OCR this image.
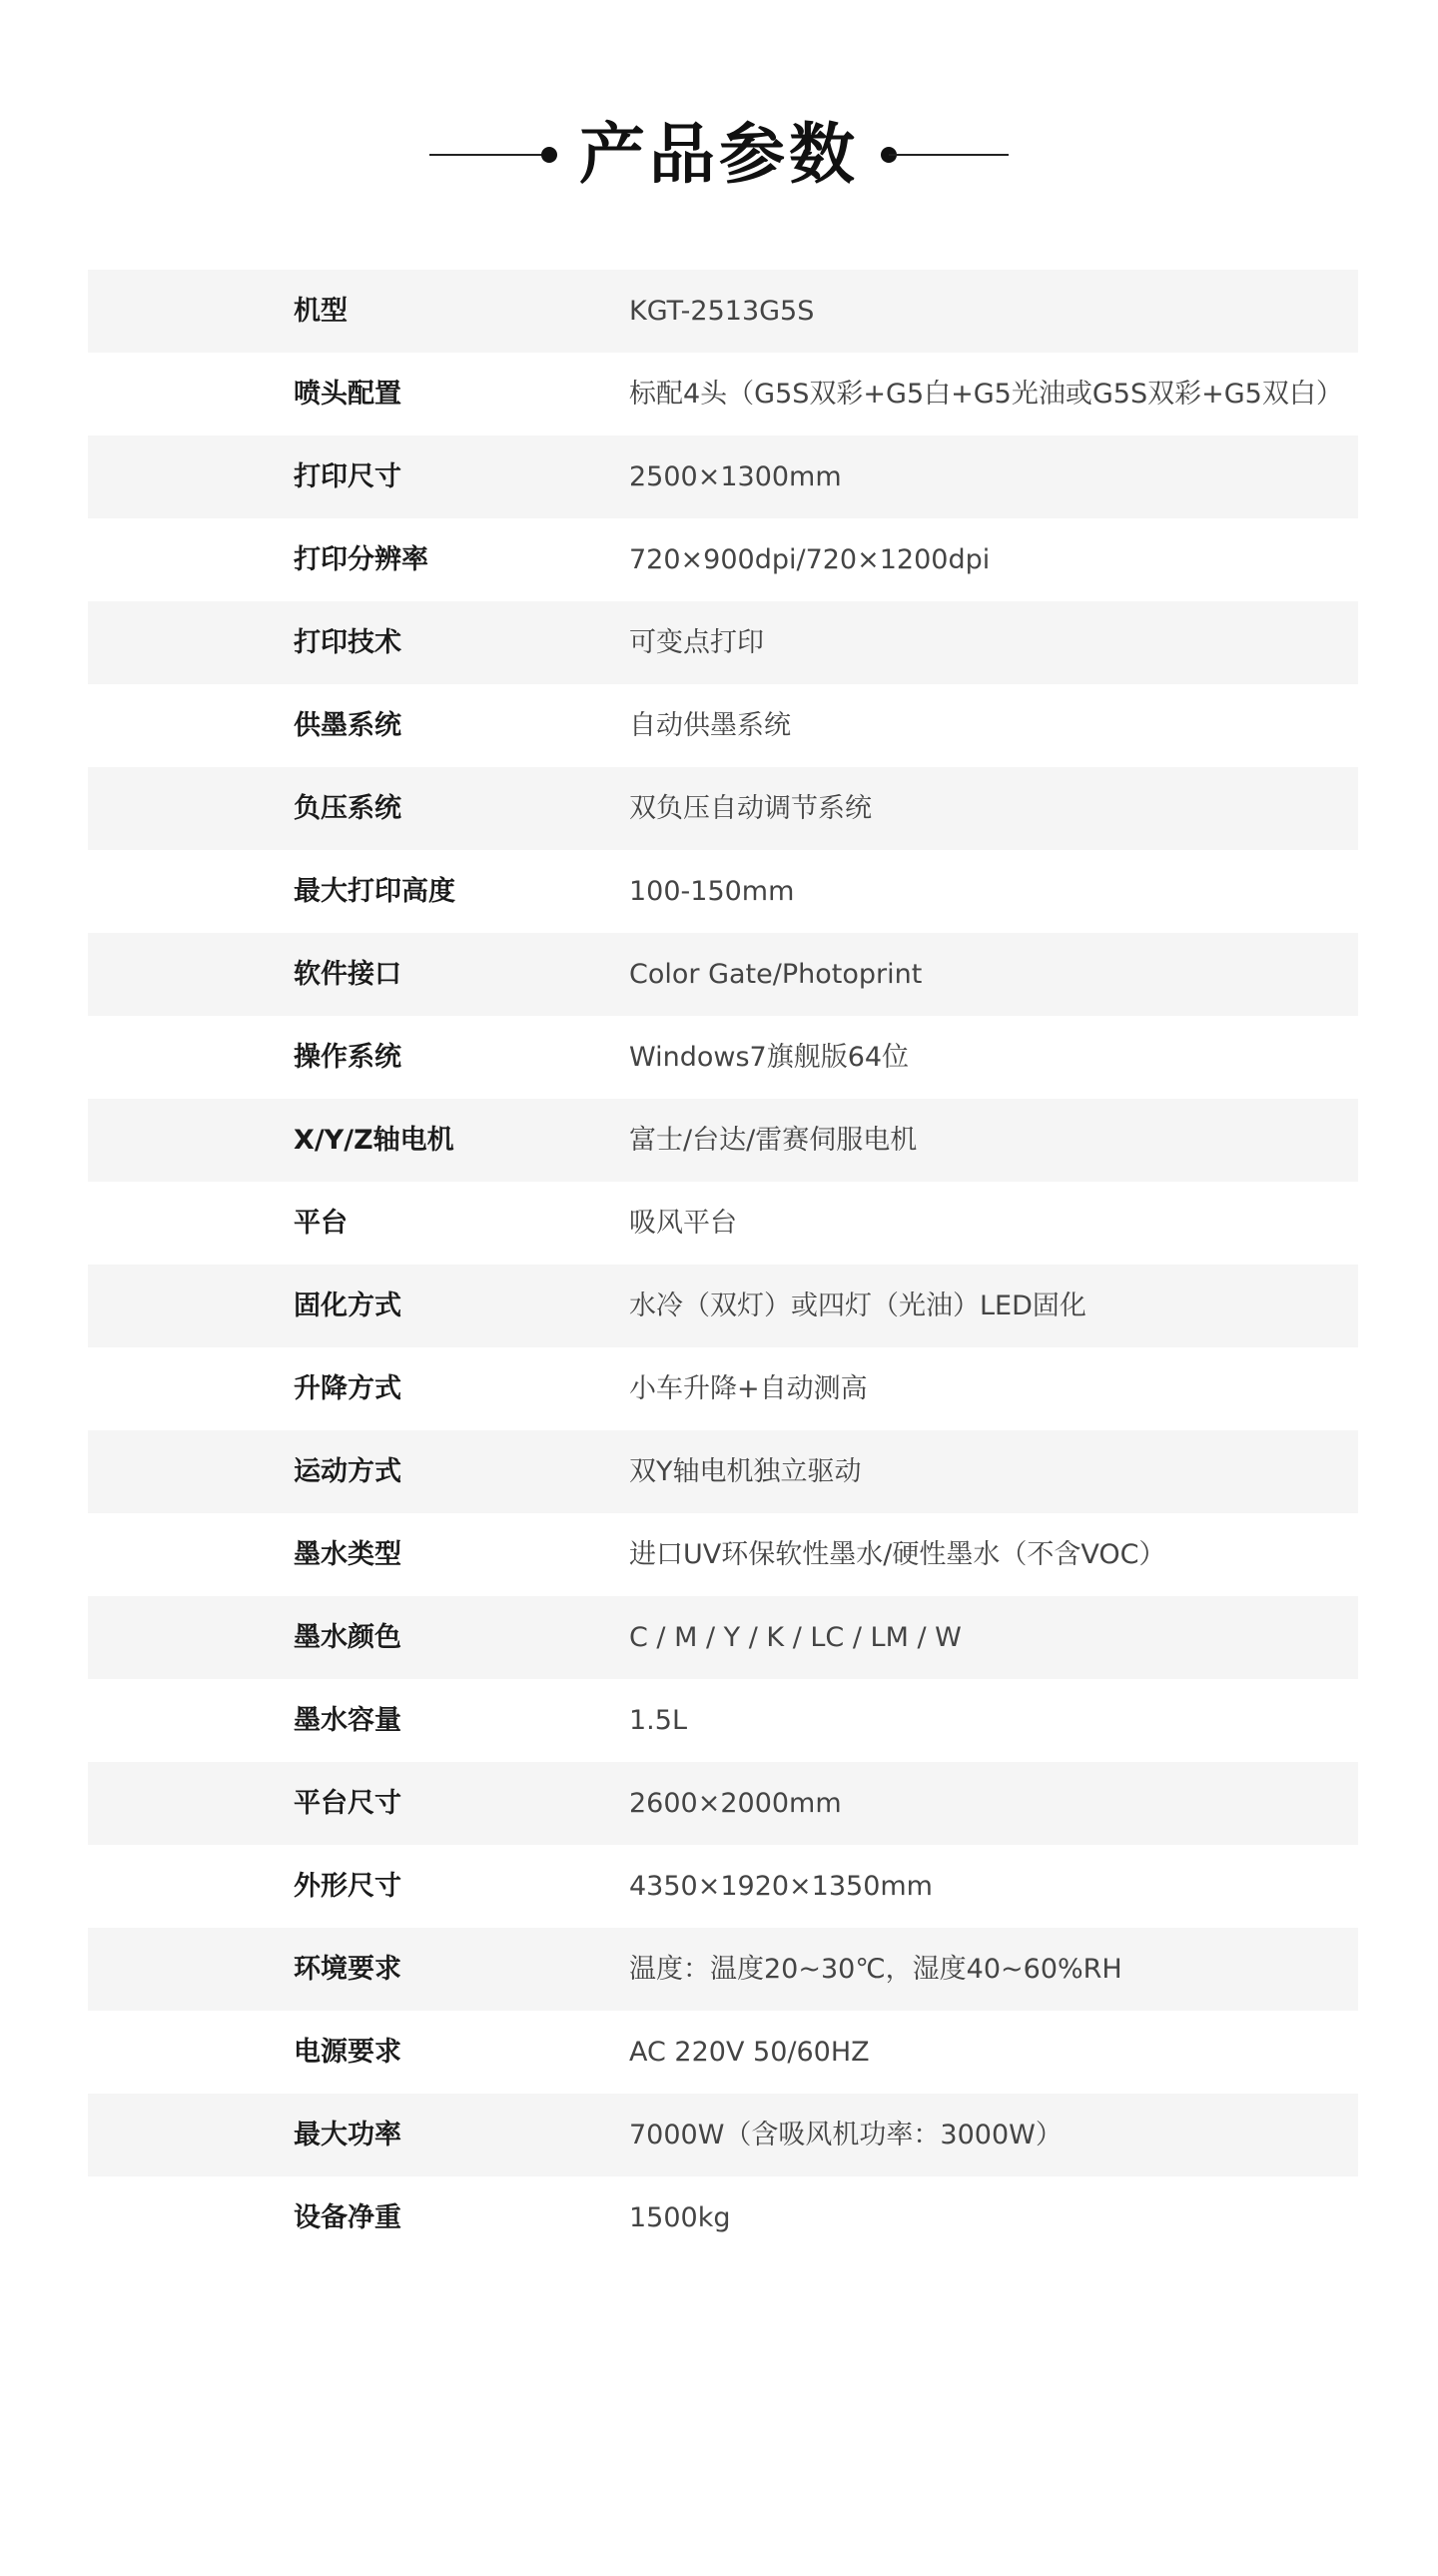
产品参数
机型	KGT-2513G5S
喷头配置	标配4头（G5S双彩+G5白+G5光油或G5S双彩+G5双白）
打印尺寸	2500×1300mm
打印分辨率	720×900dpi/720×1200dpi
打印技术	可变点打印
供墨系统	自动供墨系统
负压系统	双负压自动调节系统
最大打印高度	100-150mm
软件接口	Color Gate/Photoprint
操作系统	Windows7旗舰版64位
X/Y/Z轴电机	富士/台达/雷赛伺服电机
平台	吸风平台
固化方式	水冷（双灯）或四灯（光油）LED固化
升降方式	小车升降+自动测高
运动方式	双Y轴电机独立驱动
墨水类型	进口UV环保软性墨水/硬性墨水（不含VOC）
墨水颜色	C / M / Y / K / LC / LM / W
墨水容量	1.5L
平台尺寸	2600×2000mm
外形尺寸	4350×1920×1350mm
环境要求	温度：温度20~30℃，湿度40~60%RH
电源要求	AC 220V 50/60HZ
最大功率	7000W（含吸风机功率：3000W）
设备净重	1500kg
